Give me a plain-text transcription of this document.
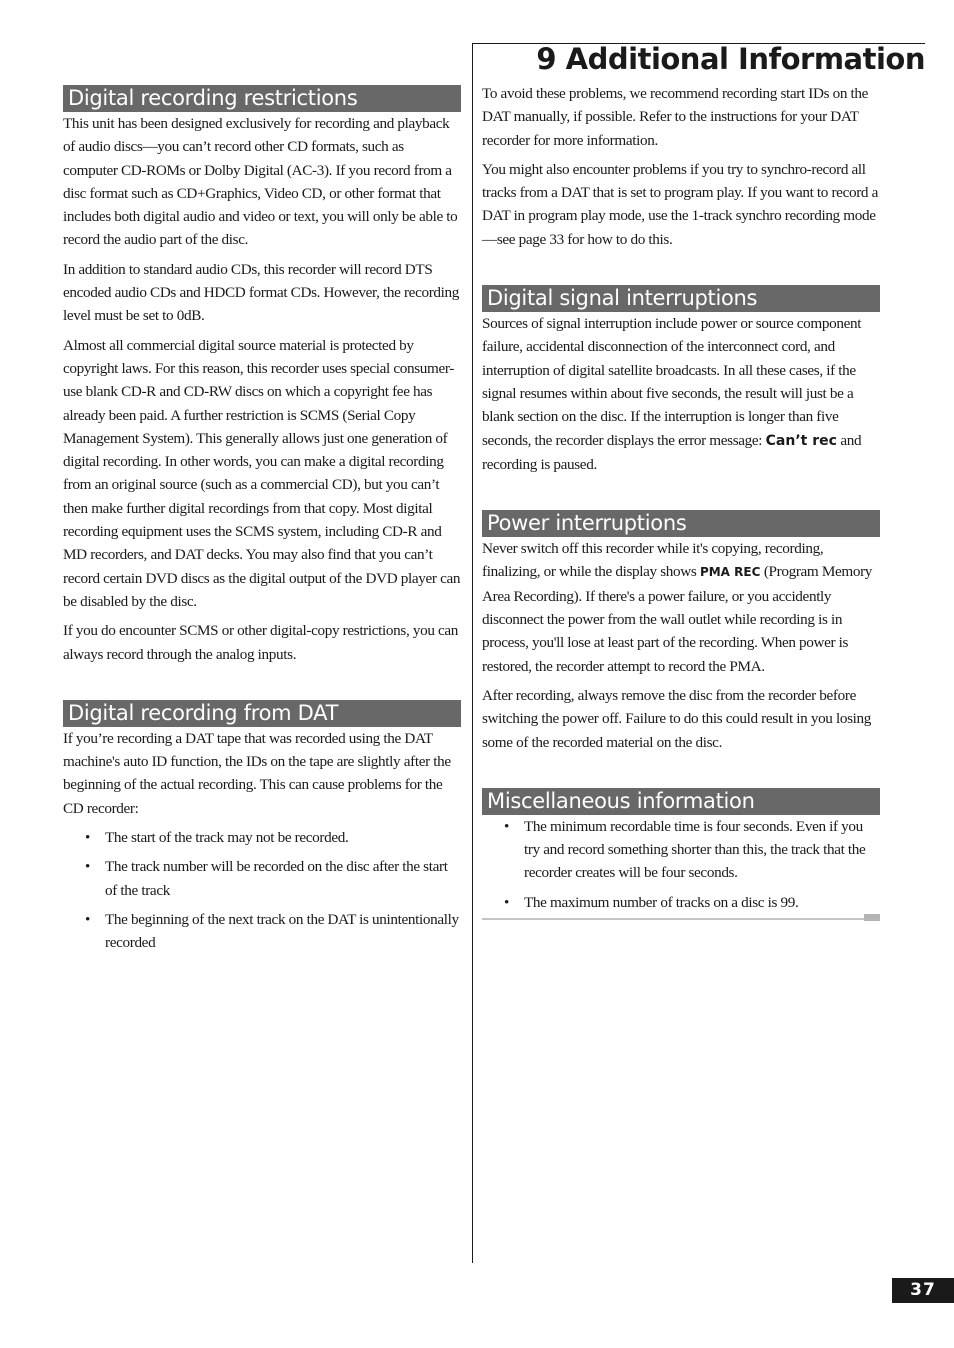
9 Additional Information
Digital recording restrictions

This unit has been designed exclusively for recording and playback of audio discs—you can’t record other CD formats, such as computer CD-ROMs or Dolby Digital (AC-3). If you record from a disc format such as CD+Graphics, Video CD, or other format that includes both digital audio and video or text, you will only be able to record the audio part of the disc.

In addition to standard audio CDs, this recorder will record DTS encoded audio CDs and HDCD format CDs. However, the recording level must be set to 0dB.

Almost all commercial digital source material is protected by copyright laws. For this reason, this recorder uses special consumer-use blank CD-R and CD-RW discs on which a copyright fee has already been paid. A further restriction is SCMS (Serial Copy Management System). This generally allows just one generation of digital recording. In other words, you can make a digital recording from an original source (such as a commercial CD), but you can’t then make further digital recordings from that copy. Most digital recording equipment uses the SCMS system, including CD-R and MD recorders, and DAT decks. You may also find that you can’t record certain DVD discs as the digital output of the DVD player can be disabled by the disc.

If you do encounter SCMS or other digital-copy restrictions, you can always record through the analog inputs.

Digital recording from DAT

If you’re recording a DAT tape that was recorded using the DAT machine's auto ID function, the IDs on the tape are slightly after the beginning of the actual recording. This can cause problems for the CD recorder:

• The start of the track may not be recorded.
• The track number will be recorded on the disc after the start of the track
• The beginning of the next track on the DAT is unintentionally recorded

To avoid these problems, we recommend recording start IDs on the DAT manually, if possible. Refer to the instructions for your DAT recorder for more information.

You might also encounter problems if you try to synchro-record all tracks from a DAT that is set to program play. If you want to record a DAT in program play mode, use the 1-track synchro recording mode—see page 33 for how to do this.

Digital signal interruptions

Sources of signal interruption include power or source component failure, accidental disconnection of the interconnect cord, and interruption of digital satellite broadcasts. In all these cases, if the signal resumes within about five seconds, the result will just be a blank section on the disc. If the interruption is longer than five seconds, the recorder displays the error message: Can’t rec and recording is paused.

Power interruptions

Never switch off this recorder while it's copying, recording, finalizing, or while the display shows PMA REC (Program Memory Area Recording). If there's a power failure, or you accidently disconnect the power from the wall outlet while recording is in process, you'll lose at least part of the recording. When power is restored, the recorder attempt to record the PMA.

After recording, always remove the disc from the recorder before switching the power off. Failure to do this could result in you losing some of the recorded material on the disc.

Miscellaneous information
• The minimum recordable time is four seconds. Even if you try and record something shorter than this, the track that the recorder creates will be four seconds.
• The maximum number of tracks on a disc is 99.
37
